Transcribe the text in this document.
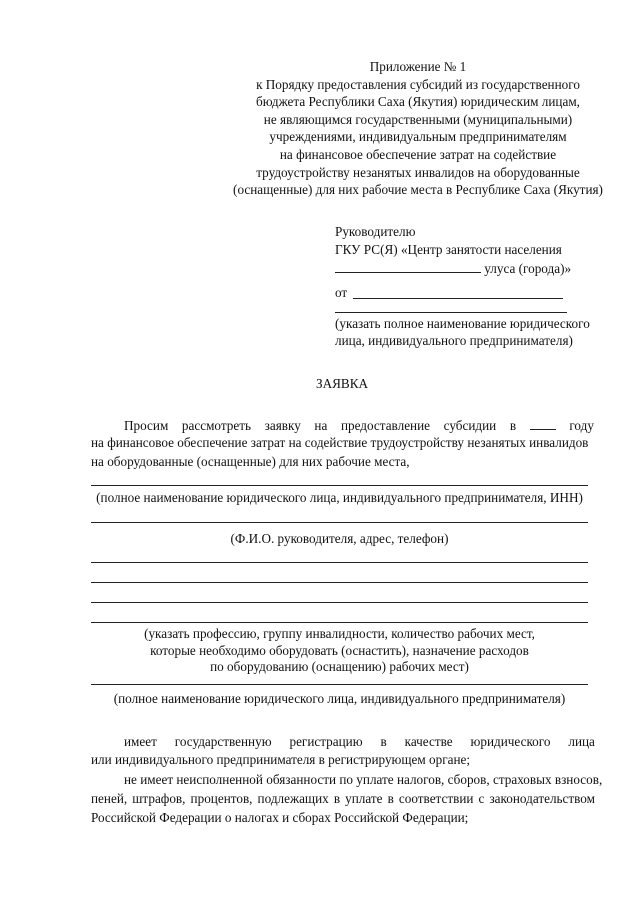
Приложение № 1
к Порядку предоставления субсидий из государственного
бюджета Республики Саха (Якутия) юридическим лицам,
не являющимся государственными (муниципальными)
учреждениями, индивидуальным предпринимателям
на финансовое обеспечение затрат на содействие
трудоустройству незанятых инвалидов на оборудованные
(оснащенные) для них рабочие места в Республике Саха (Якутия)
Руководителю
ГКУ РС(Я) «Центр занятости населения
улуса (города)»
от
(указать полное наименование юридического
лица, индивидуального предпринимателя)
ЗАЯВКА
Просим рассмотреть заявку на предоставление субсидии в	году
на финансовое обеспечение затрат на содействие трудоустройству незанятых инвалидов
на оборудованные (оснащенные) для них рабочие места,
(полное наименование юридического лица, индивидуального предпринимателя, ИНН)
(Ф.И.О. руководителя, адрес, телефон)
(указать профессию, группу инвалидности, количество рабочих мест,
которые необходимо оборудовать (оснастить), назначение расходов
по оборудованию (оснащению) рабочих мест)
(полное наименование юридического лица, индивидуального предпринимателя)
имеет государственную регистрацию в качестве юридического лица
или индивидуального предпринимателя в регистрирующем органе;
не имеет неисполненной обязанности по уплате налогов, сборов, страховых взносов,
пеней, штрафов, процентов, подлежащих в уплате в соответствии с законодательством
Российской Федерации о налогах и сборах Российской Федерации;
